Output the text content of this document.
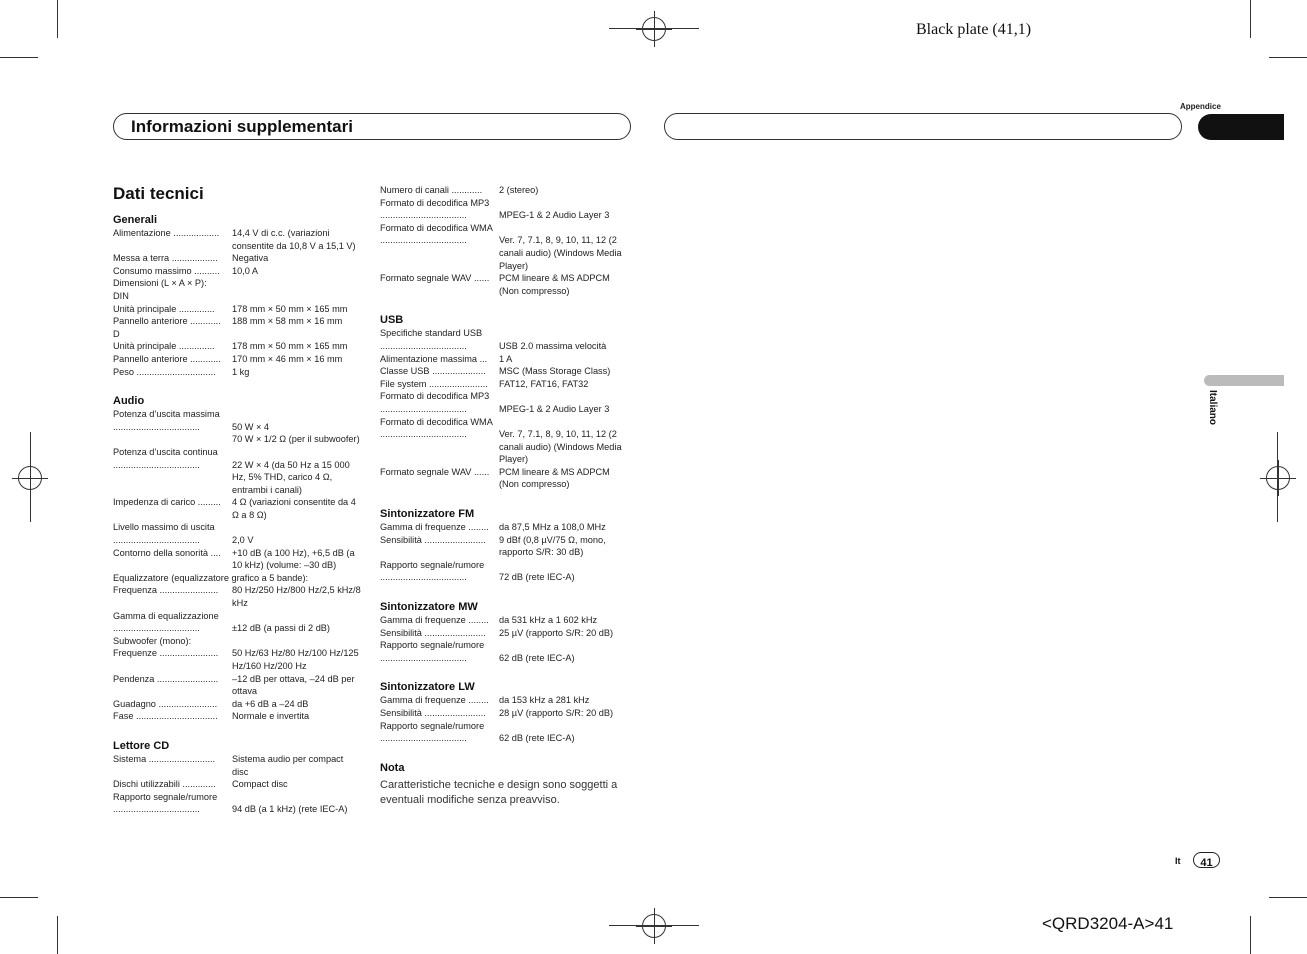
Black plate (41,1)
<QRD3204-A>41
Informazioni supplementari
Appendice
Italiano
It	41
Dati tecnici
Generali
Alimentazione ..................	14,4 V di c.c. (variazioni consentite da 10,8 V a 15,1 V)
Messa a terra ..................	Negativa
Consumo massimo ..........	10,0 A
Dimensioni (L × A × P):
DIN
Unità principale ..............	178 mm × 50 mm × 165 mm
Pannello anteriore ............	188 mm × 58 mm × 16 mm
D
Unità principale ..............	178 mm × 50 mm × 165 mm
Pannello anteriore ............	170 mm × 46 mm × 16 mm
Peso ...............................	1 kg
Audio
Potenza d’uscita massima
..................................	50 W × 4
70 W × 1/2 Ω (per il subwoofer)
Potenza d’uscita continua
..................................	22 W × 4 (da 50 Hz a 15 000 Hz, 5% THD, carico 4 Ω, entrambi i canali)
Impedenza di carico .........	4 Ω (variazioni consentite da 4 Ω a 8 Ω)
Livello massimo di uscita
..................................	2,0 V
Contorno della sonorità ....	+10 dB (a 100 Hz), +6,5 dB (a 10 kHz) (volume: –30 dB)
Equalizzatore (equalizzatore grafico a 5 bande):
Frequenza .......................	80 Hz/250 Hz/800 Hz/2,5 kHz/8 kHz
Gamma di equalizzazione
..................................	±12 dB (a passi di 2 dB)
Subwoofer (mono):
Frequenze .......................	50 Hz/63 Hz/80 Hz/100 Hz/125 Hz/160 Hz/200 Hz
Pendenza ........................	–12 dB per ottava, –24 dB per ottava
Guadagno .......................	da +6 dB a –24 dB
Fase ................................	Normale e invertita
Lettore CD
Sistema ..........................	Sistema audio per compact disc
Dischi utilizzabili .............	Compact disc
Rapporto segnale/rumore
..................................	94 dB (a 1 kHz) (rete IEC-A)
Numero di canali ............	2 (stereo)
Formato di decodifica MP3
..................................	MPEG-1 & 2 Audio Layer 3
Formato di decodifica WMA
..................................	Ver. 7, 7.1, 8, 9, 10, 11, 12 (2 canali audio) (Windows Media Player)
Formato segnale WAV ......	PCM lineare & MS ADPCM (Non compresso)
USB
Specifiche standard USB
..................................	USB 2.0 massima velocità
Alimentazione massima ...	1 A
Classe USB .....................	MSC (Mass Storage Class)
File system .......................	FAT12, FAT16, FAT32
Formato di decodifica MP3
..................................	MPEG-1 & 2 Audio Layer 3
Formato di decodifica WMA
..................................	Ver. 7, 7.1, 8, 9, 10, 11, 12 (2 canali audio) (Windows Media Player)
Formato segnale WAV ......	PCM lineare & MS ADPCM (Non compresso)
Sintonizzatore FM
Gamma di frequenze ........	da 87,5 MHz a 108,0 MHz
Sensibilità ........................	9 dBf (0,8 µV/75 Ω, mono, rapporto S/R: 30 dB)
Rapporto segnale/rumore
..................................	72 dB (rete IEC-A)
Sintonizzatore MW
Gamma di frequenze ........	da 531 kHz a 1 602 kHz
Sensibilità ........................	25 µV (rapporto S/R: 20 dB)
Rapporto segnale/rumore
..................................	62 dB (rete IEC-A)
Sintonizzatore LW
Gamma di frequenze ........	da 153 kHz a 281 kHz
Sensibilità ........................	28 µV (rapporto S/R: 20 dB)
Rapporto segnale/rumore
..................................	62 dB (rete IEC-A)
Nota
Caratteristiche tecniche e design sono soggetti a eventuali modifiche senza preavviso.
